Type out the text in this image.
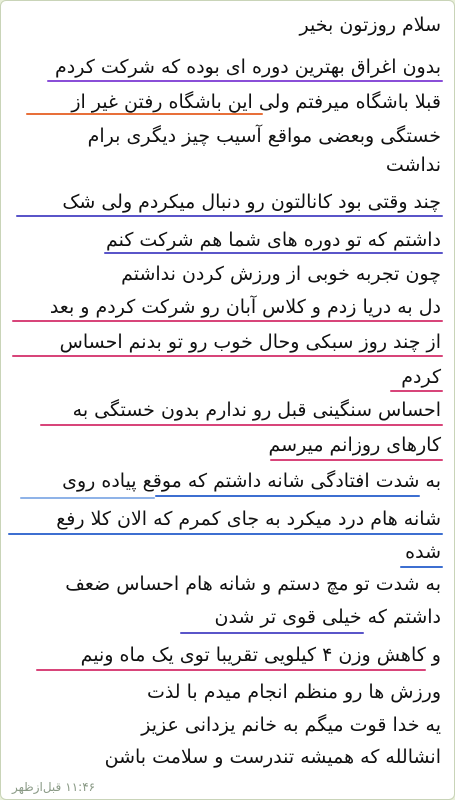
سلام روزتون بخیر
بدون اغراق بهترین دوره ای بوده که شرکت کردم
قبلا باشگاه میرفتم ولی این باشگاه رفتن غیر از
خستگی وبعضی مواقع آسیب چیز دیگری برام
نداشت
چند وقتی بود کانالتون رو دنبال میکردم ولی شک
داشتم که تو دوره های شما هم شرکت کنم
چون تجربه خوبی از ورزش کردن نداشتم
دل به دریا زدم و کلاس آبان رو شرکت کردم و بعد
از چند روز سبکی وحال خوب رو تو بدنم احساس
کردم
احساس سنگینی قبل رو ندارم بدون خستگی به
کارهای روزانم میرسم
به شدت افتادگی شانه داشتم که موقع پیاده روی
شانه هام درد میکرد به جای کمرم که الان کلا رفع
شده
به شدت تو مچ دستم و شانه هام احساس ضعف
داشتم که خیلی قوی تر شدن
و کاهش وزن ۴ کیلویی تقریبا توی یک ماه ونیم
ورزش ها رو منظم انجام میدم با لذت
یه خدا قوت میگم به خانم یزدانی عزیز
انشالله که همیشه تندرست و سلامت باشن
۱۱:۴۶قبل‌ازظهر
